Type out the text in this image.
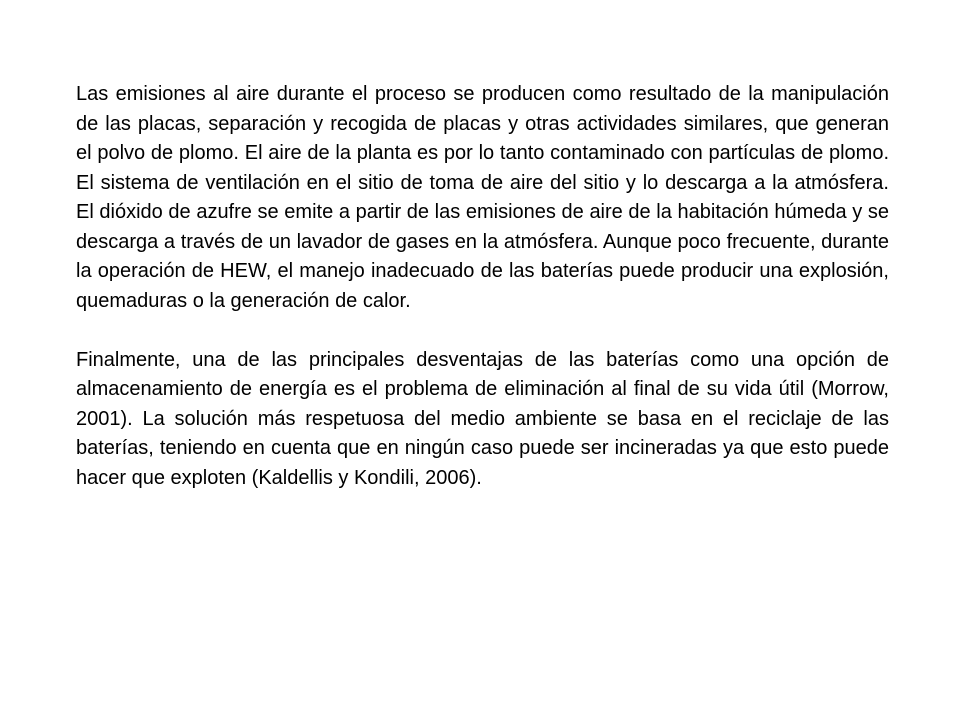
Las emisiones al aire durante el proceso se producen como resultado de la manipulación de las placas, separación y recogida de placas y otras actividades similares, que generan el polvo de plomo. El aire de la planta es por lo tanto contaminado con partículas de plomo. El sistema de ventilación en el sitio de toma de aire del sitio y lo descarga a la atmósfera. El dióxido de azufre se emite a partir de las emisiones de aire de la habitación húmeda y se descarga a través de un lavador de gases en la atmósfera. Aunque poco frecuente, durante la operación de HEW, el manejo inadecuado de las baterías puede producir una explosión, quemaduras o la generación de calor.

Finalmente, una de las principales desventajas de las baterías como una opción de almacenamiento de energía es el problema de eliminación al final de su vida útil (Morrow, 2001). La solución más respetuosa del medio ambiente se basa en el reciclaje de las baterías, teniendo en cuenta que en ningún caso puede ser incineradas ya que esto puede hacer que exploten (Kaldellis y Kondili, 2006).
